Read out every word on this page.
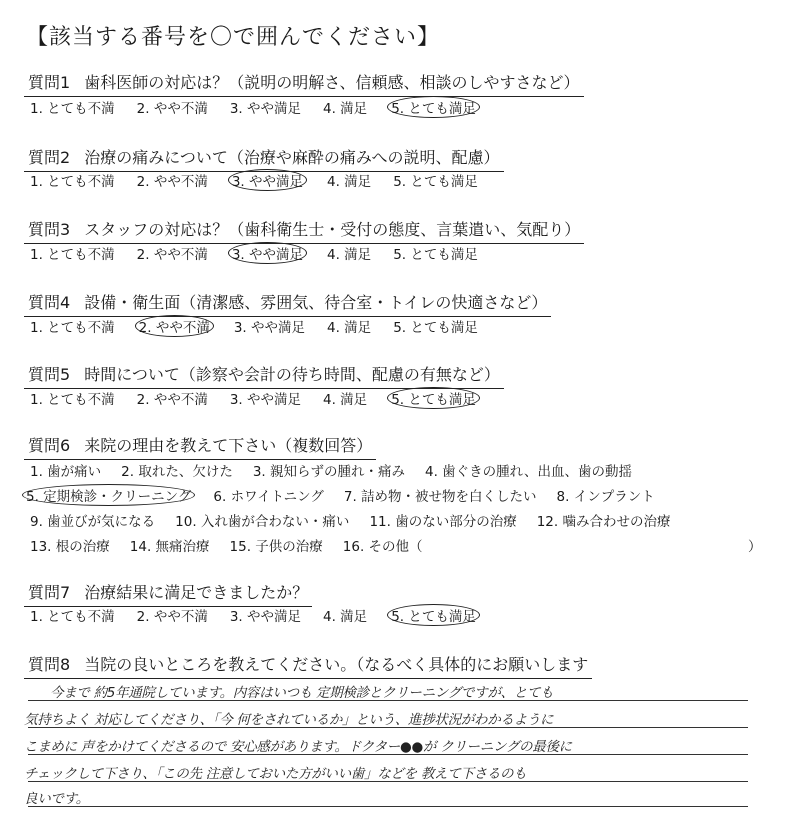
【該当する番号を〇で囲んでください】
質問1 歯科医師の対応は？（説明の明解さ、信頼感、相談のしやすさなど）
1. とても不満 2. やや不満 3. やや満足 4. 満足 5. とても満足
質問2 治療の痛みについて（治療や麻酔の痛みへの説明、配慮）
1. とても不満 2. やや不満 3. やや満足 4. 満足 5. とても満足
質問3 スタッフの対応は？（歯科衛生士・受付の態度、言葉遣い、気配り）
1. とても不満 2. やや不満 3. やや満足 4. 満足 5. とても満足
質問4 設備・衛生面（清潔感、雰囲気、待合室・トイレの快適さなど）
1. とても不満 2. やや不満 3. やや満足 4. 満足 5. とても満足
質問5 時間について（診察や会計の待ち時間、配慮の有無など）
1. とても不満 2. やや不満 3. やや満足 4. 満足 5. とても満足
質問6 来院の理由を教えて下さい（複数回答）
1. 歯が痛い 2. 取れた、欠けた 3. 親知らずの腫れ・痛み 4. 歯ぐきの腫れ、出血、歯の動揺
5. 定期検診・クリーニング 6. ホワイトニング 7. 詰め物・被せ物を白くしたい 8. インプラント
9. 歯並びが気になる 10. 入れ歯が合わない・痛い 11. 歯のない部分の治療 12. 噛み合わせの治療
13. 根の治療 14. 無痛治療 15. 子供の治療 16. その他（	）
質問7 治療結果に満足できましたか？
1. とても不満 2. やや不満 3. やや満足 4. 満足 5. とても満足
質問8 当院の良いところを教えてください。（なるべく具体的にお願いします
今まで 約5年通院しています。内容はいつも 定期検診とクリーニングですが、とても
気持ちよく 対応してくださり、「今 何をされているか」という、進捗状況がわかるように
こまめに 声をかけてくださるので 安心感があります。ドクター●●が クリーニングの最後に
チェックして下さり、「この先 注意しておいた方がいい歯」などを 教えて下さるのも
良いです。
